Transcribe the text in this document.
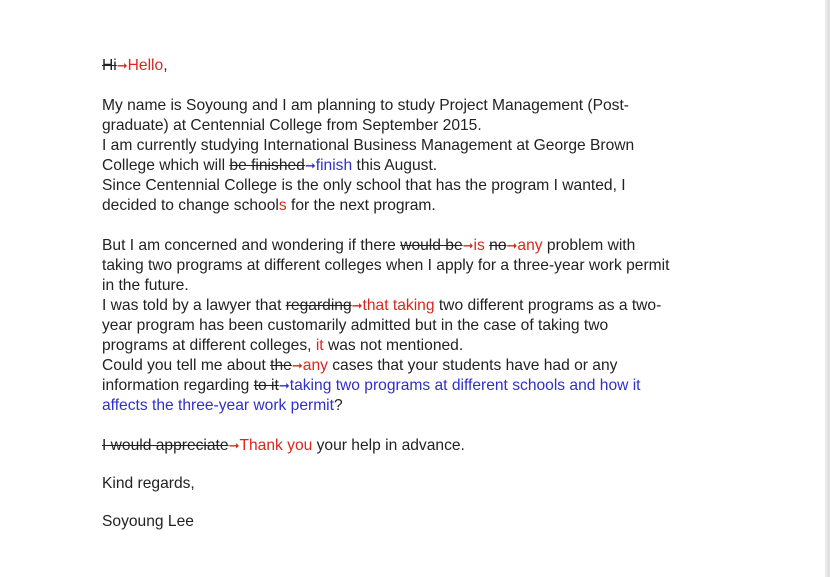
Hi➞Hello,
My name is Soyoung and I am planning to study Project Management (Post-
graduate) at Centennial College from September 2015.
I am currently studying International Business Management at George Brown
College which will be finished➞finish this August.
Since Centennial College is the only school that has the program I wanted, I
decided to change schools for the next program.
But I am concerned and wondering if there would be➞is no➞any problem with
taking two programs at different colleges when I apply for a three-year work permit
in the future.
I was told by a lawyer that regarding➞that taking two different programs as a two-
year program has been customarily admitted but in the case of taking two
programs at different colleges, it was not mentioned.
Could you tell me about the➞any cases that your students have had or any
information regarding to it➞taking two programs at different schools and how it
affects the three-year work permit?
I would appreciate➞Thank you your help in advance.
Kind regards,
Soyoung Lee
